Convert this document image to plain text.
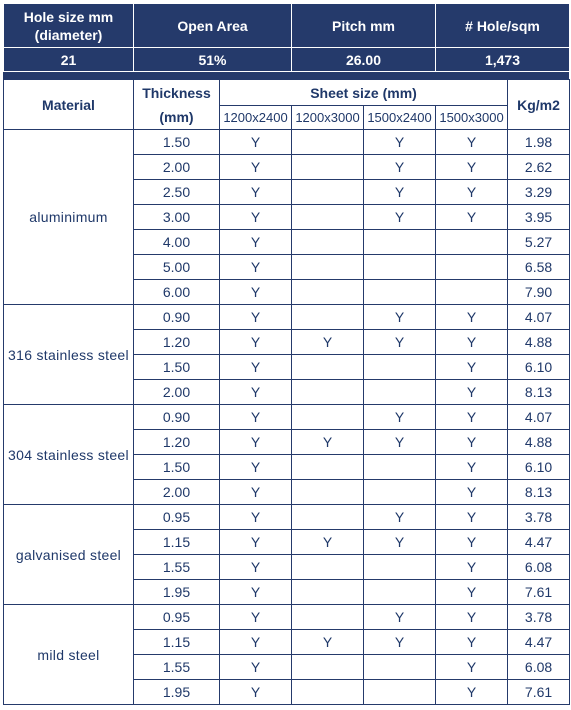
Hole size mm (diameter)	Open Area	Pitch mm	# Hole/sqm
21	51%	26.00	1,473
Material	Thickness	Sheet size (mm)				Kg/m2
	(mm)	1200x2400	1200x3000	1500x2400	1500x3000	
aluminimum	1.50	Y		Y	Y	1.98
	2.00	Y		Y	Y	2.62
	2.50	Y		Y	Y	3.29
	3.00	Y		Y	Y	3.95
	4.00	Y				5.27
	5.00	Y				6.58
	6.00	Y				7.90
316 stainless steel	0.90	Y		Y	Y	4.07
	1.20	Y	Y	Y	Y	4.88
	1.50	Y			Y	6.10
	2.00	Y			Y	8.13
304 stainless steel	0.90	Y		Y	Y	4.07
	1.20	Y	Y	Y	Y	4.88
	1.50	Y			Y	6.10
	2.00	Y			Y	8.13
galvanised steel	0.95	Y		Y	Y	3.78
	1.15	Y	Y	Y	Y	4.47
	1.55	Y			Y	6.08
	1.95	Y			Y	7.61
mild steel	0.95	Y		Y	Y	3.78
	1.15	Y	Y	Y	Y	4.47
	1.55	Y			Y	6.08
	1.95	Y			Y	7.61
